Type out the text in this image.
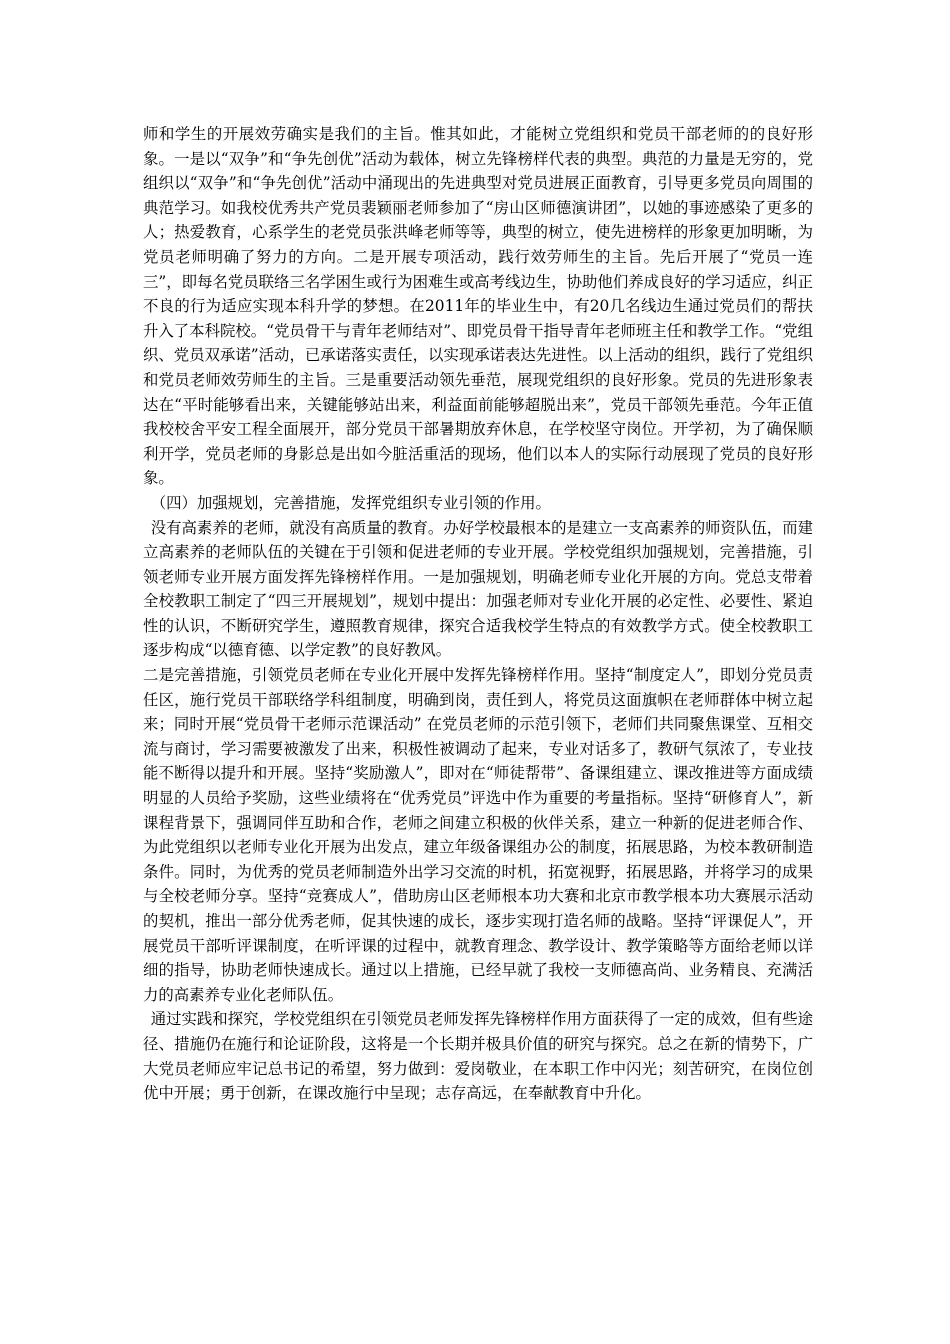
师和学生的开展效劳确实是我们的主旨。惟其如此，才能树立党组织和党员干部老师的的良好形象。一是以“双争”和“争先创优”活动为载体，树立先锋榜样代表的典型。典范的力量是无穷的，党组织以“双争”和“争先创优”活动中涌现出的先进典型对党员进展正面教育，引导更多党员向周围的典范学习。如我校优秀共产党员裴颖丽老师参加了“房山区师德演讲团”，以她的事迹感染了更多的人；热爱教育，心系学生的老党员张洪峰老师等等，典型的树立，使先进榜样的形象更加明晰，为党员老师明确了努力的方向。二是开展专项活动，践行效劳师生的主旨。先后开展了“党员一连三”，即每名党员联络三名学困生或行为困难生或高考线边生，协助他们养成良好的学习适应，纠正不良的行为适应实现本科升学的梦想。在2011年的毕业生中，有20几名线边生通过党员们的帮扶升入了本科院校。“党员骨干与青年老师结对”、即党员骨干指导青年老师班主任和教学工作。“党组织、党员双承诺”活动，已承诺落实责任，以实现承诺表达先进性。以上活动的组织，践行了党组织和党员老师效劳师生的主旨。三是重要活动领先垂范，展现党组织的良好形象。党员的先进形象表达在“平时能够看出来，关键能够站出来，利益面前能够超脱出来”，党员干部领先垂范。今年正值我校校舍平安工程全面展开，部分党员干部暑期放弃休息，在学校坚守岗位。开学初，为了确保顺利开学，党员老师的身影总是出如今脏活重活的现场，他们以本人的实际行动展现了党员的良好形象。

（四）加强规划，完善措施，发挥党组织专业引领的作用。

没有高素养的老师，就没有高质量的教育。办好学校最根本的是建立一支高素养的师资队伍，而建立高素养的老师队伍的关键在于引领和促进老师的专业开展。学校党组织加强规划，完善措施，引领老师专业开展方面发挥先锋榜样作用。一是加强规划，明确老师专业化开展的方向。党总支带着全校教职工制定了“四三开展规划”，规划中提出：加强老师对专业化开展的必定性、必要性、紧迫性的认识，不断研究学生，遵照教育规律，探究合适我校学生特点的有效教学方式。使全校教职工逐步构成“以德育德、以学定教”的良好教风。

二是完善措施，引领党员老师在专业化开展中发挥先锋榜样作用。坚持“制度定人”，即划分党员责任区，施行党员干部联络学科组制度，明确到岗，责任到人，将党员这面旗帜在老师群体中树立起来；同时开展“党员骨干老师示范课活动” 在党员老师的示范引领下，老师们共同聚焦课堂、互相交流与商讨，学习需要被激发了出来，积极性被调动了起来，专业对话多了，教研气氛浓了，专业技能不断得以提升和开展。坚持“奖励激人”，即对在“师徒帮带”、备课组建立、课改推进等方面成绩明显的人员给予奖励，这些业绩将在“优秀党员”评选中作为重要的考量指标。坚持“研修育人”，新课程背景下，强调同伴互助和合作，老师之间建立积极的伙伴关系，建立一种新的促进老师合作、为此党组织以老师专业化开展为出发点，建立年级备课组办公的制度，拓展思路，为校本教研制造条件。同时，为优秀的党员老师制造外出学习交流的时机，拓宽视野，拓展思路，并将学习的成果与全校老师分享。坚持“竞赛成人”，借助房山区老师根本功大赛和北京市教学根本功大赛展示活动的契机，推出一部分优秀老师，促其快速的成长，逐步实现打造名师的战略。坚持“评课促人”，开展党员干部听评课制度，在听评课的过程中，就教育理念、教学设计、教学策略等方面给老师以详细的指导，协助老师快速成长。通过以上措施，已经早就了我校一支师德高尚、业务精良、充满活力的高素养专业化老师队伍。

通过实践和探究，学校党组织在引领党员老师发挥先锋榜样作用方面获得了一定的成效，但有些途径、措施仍在施行和论证阶段，这将是一个长期并极具价值的研究与探究。总之在新的情势下，广大党员老师应牢记总书记的希望，努力做到：爱岗敬业，在本职工作中闪光；刻苦研究，在岗位创优中开展；勇于创新，在课改施行中呈现；志存高远，在奉献教育中升化。
